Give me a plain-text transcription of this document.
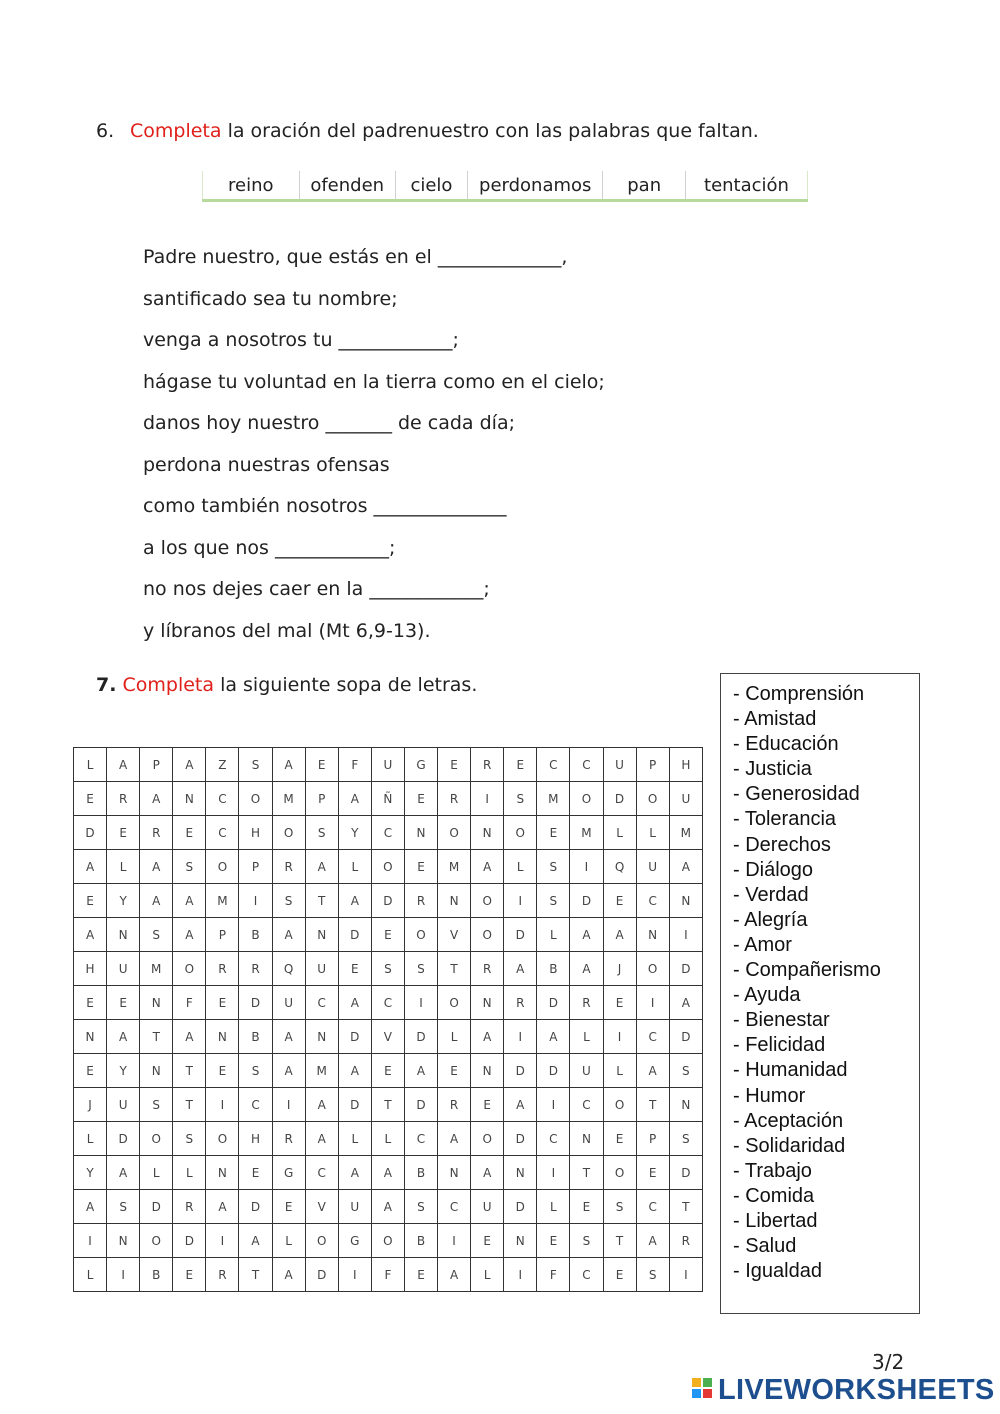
6. Completa la oración del padrenuestro con las palabras que faltan.
reino	ofenden	cielo	perdonamos	pan	tentación
Padre nuestro, que estás en el _____________,
santificado sea tu nombre;
venga a nosotros tu ____________;
hágase tu voluntad en la tierra como en el cielo;
danos hoy nuestro _______ de cada día;
perdona nuestras ofensas
como también nosotros ______________
a los que nos ____________;
no nos dejes caer en la ____________;
y líbranos del mal (Mt 6,9-13).
7. Completa la siguiente sopa de letras.
L	A	P	A	Z	S	A	E	F	U	G	E	R	E	C	C	U	P	H
E	R	A	N	C	O	M	P	A	Ñ	E	R	I	S	M	O	D	O	U
D	E	R	E	C	H	O	S	Y	C	N	O	N	O	E	M	L	L	M
A	L	A	S	O	P	R	A	L	O	E	M	A	L	S	I	Q	U	A
E	Y	A	A	M	I	S	T	A	D	R	N	O	I	S	D	E	C	N
A	N	S	A	P	B	A	N	D	E	O	V	O	D	L	A	A	N	I
H	U	M	O	R	R	Q	U	E	S	S	T	R	A	B	A	J	O	D
E	E	N	F	E	D	U	C	A	C	I	O	N	R	D	R	E	I	A
N	A	T	A	N	B	A	N	D	V	D	L	A	I	A	L	I	C	D
E	Y	N	T	E	S	A	M	A	E	A	E	N	D	D	U	L	A	S
J	U	S	T	I	C	I	A	D	T	D	R	E	A	I	C	O	T	N
L	D	O	S	O	H	R	A	L	L	C	A	O	D	C	N	E	P	S
Y	A	L	L	N	E	G	C	A	A	B	N	A	N	I	T	O	E	D
A	S	D	R	A	D	E	V	U	A	S	C	U	D	L	E	S	C	T
I	N	O	D	I	A	L	O	G	O	B	I	E	N	E	S	T	A	R
L	I	B	E	R	T	A	D	I	F	E	A	L	I	F	C	E	S	I
- Comprensión
- Amistad
- Educación
- Justicia
- Generosidad
- Tolerancia
- Derechos
- Diálogo
- Verdad
- Alegría
- Amor
- Compañerismo
- Ayuda
- Bienestar
- Felicidad
- Humanidad
- Humor
- Aceptación
- Solidaridad
- Trabajo
- Comida
- Libertad
- Salud
- Igualdad
3/2
LIVEWORKSHEETS
